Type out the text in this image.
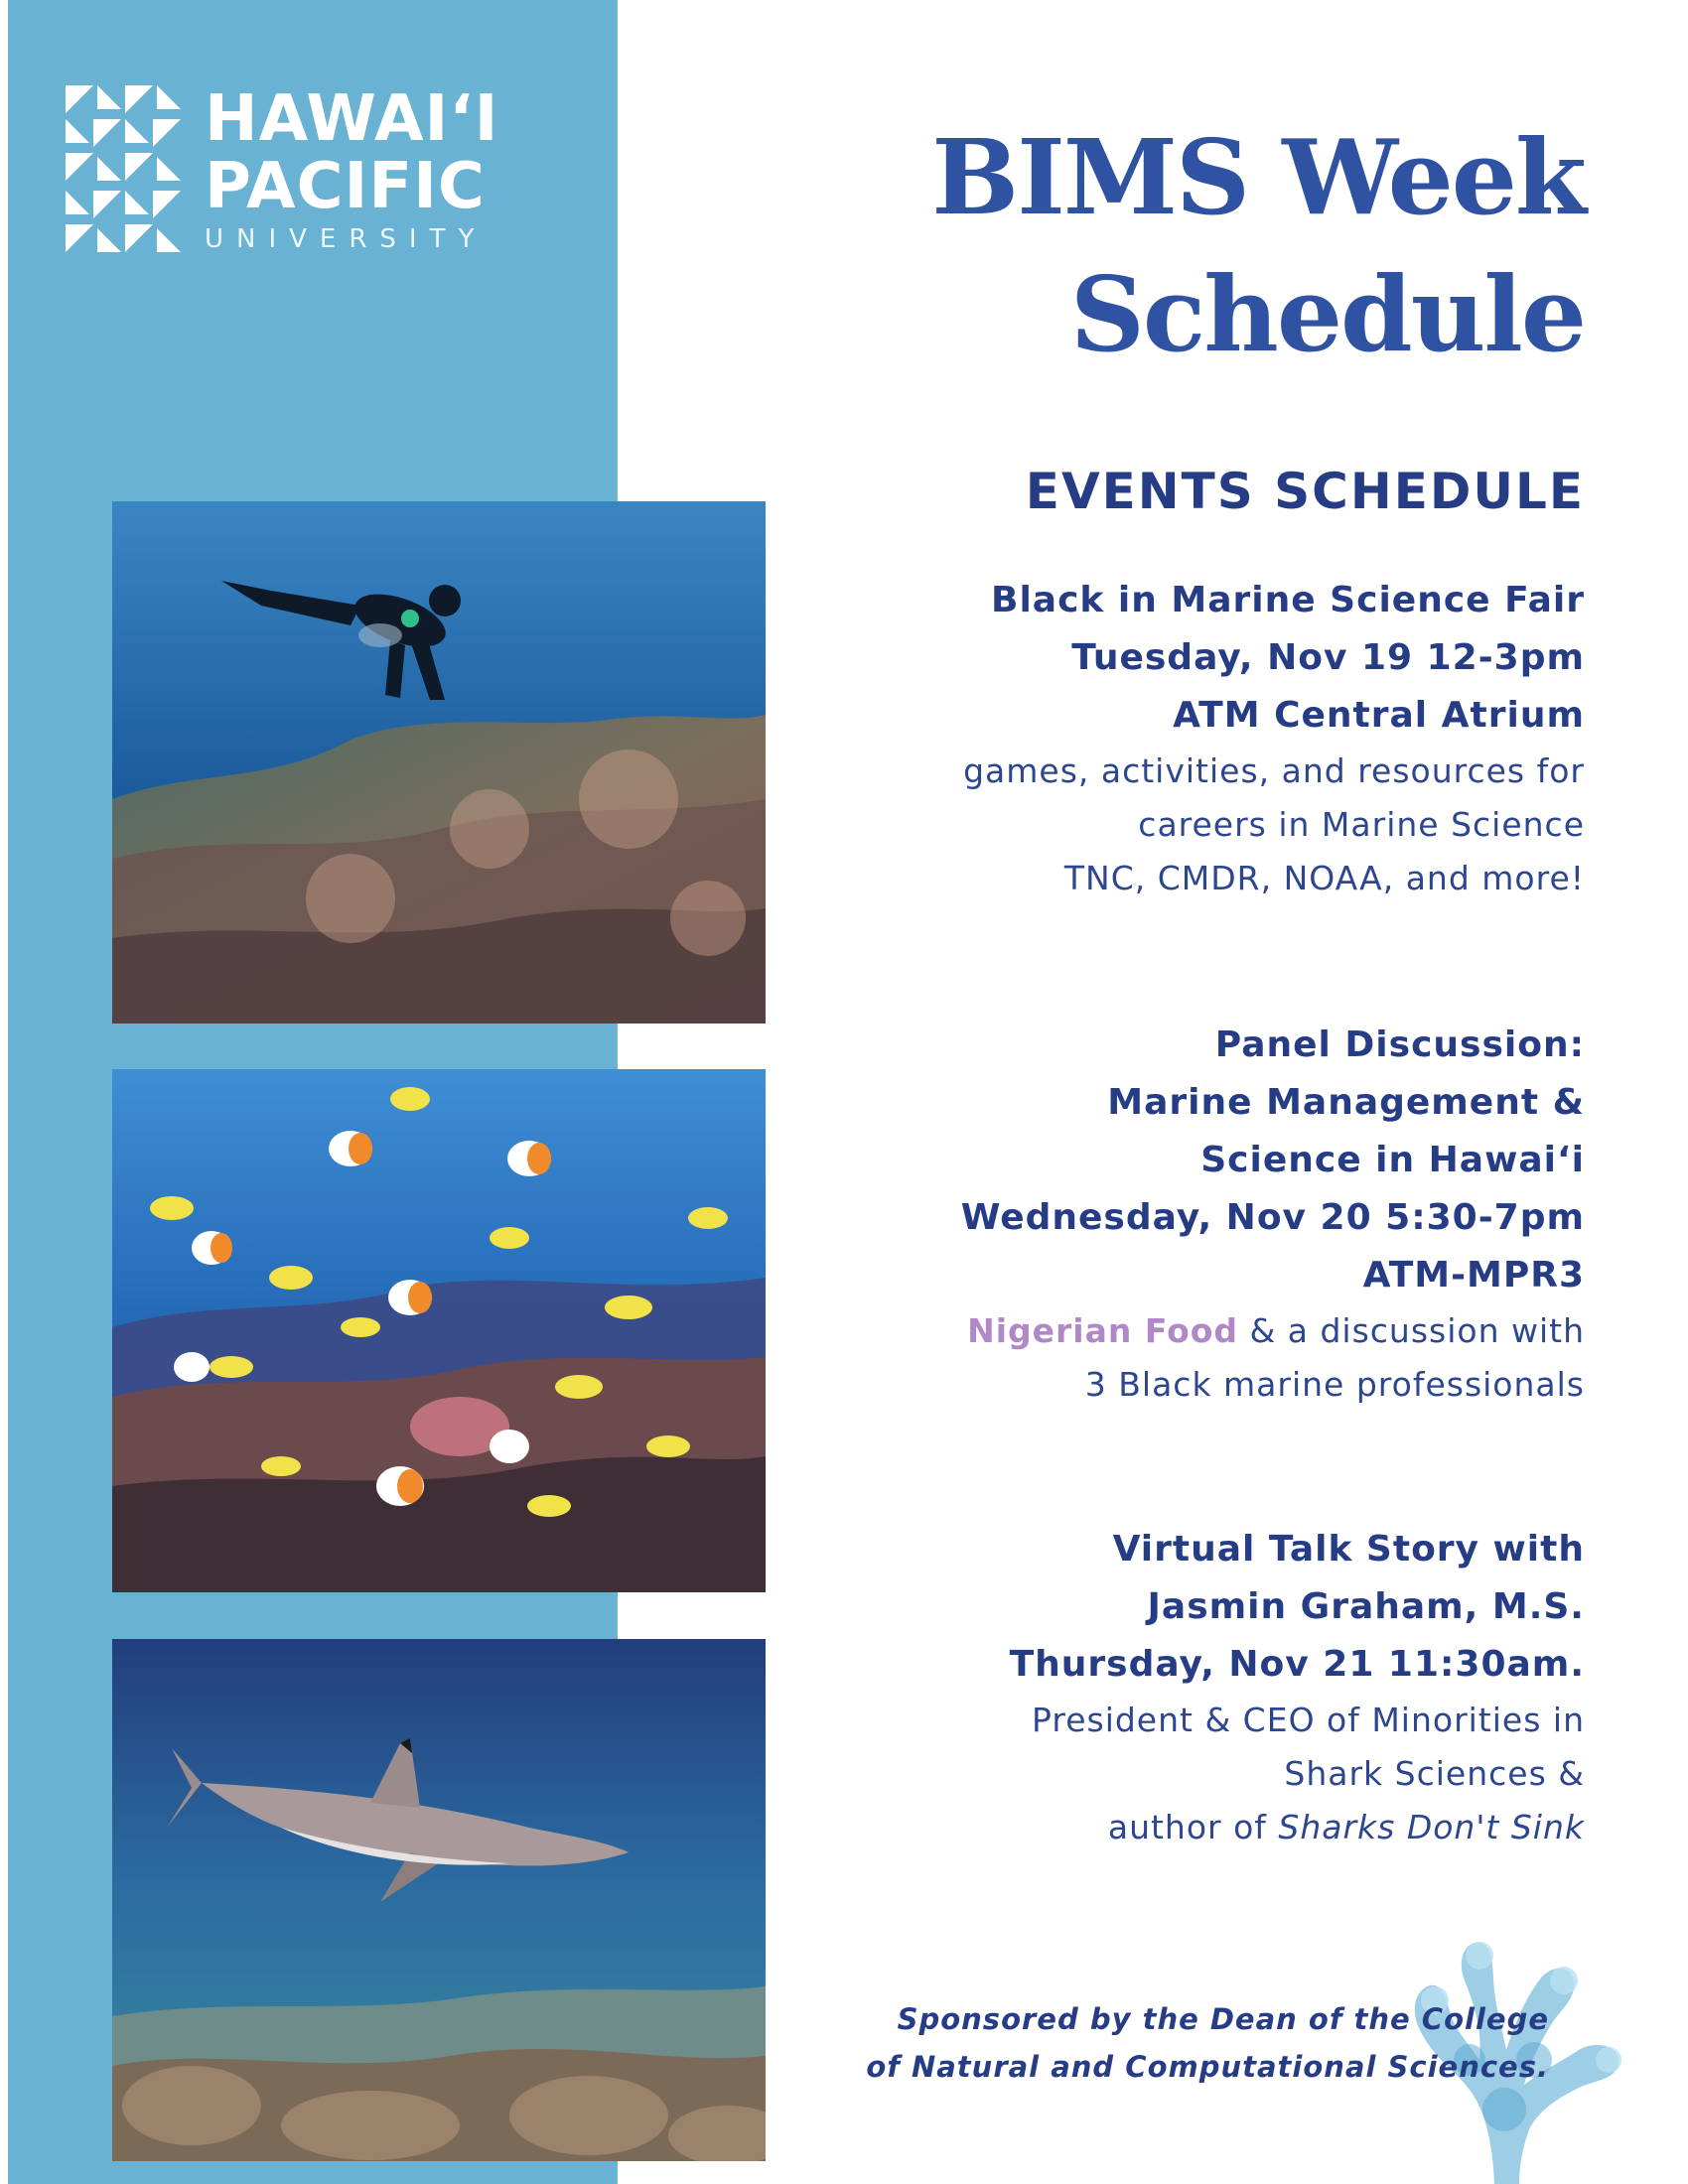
HAWAIʻI
PACIFIC
UNIVERSITY
BIMS Week
Schedule
EVENTS SCHEDULE
Black in Marine Science Fair
Tuesday, Nov 19 12-3pm
ATM Central Atrium
games, activities, and resources for
careers in Marine Science
TNC, CMDR, NOAA, and more!
Panel Discussion:
Marine Management &
Science in Hawaiʻi
Wednesday, Nov 20 5:30-7pm
ATM-MPR3
Nigerian Food & a discussion with
3 Black marine professionals
Virtual Talk Story with
Jasmin Graham, M.S.
Thursday, Nov 21 11:30am.
President & CEO of Minorities in
Shark Sciences &
author of Sharks Don't Sink
Sponsored by the Dean of the College
of Natural and Computational Sciences.
